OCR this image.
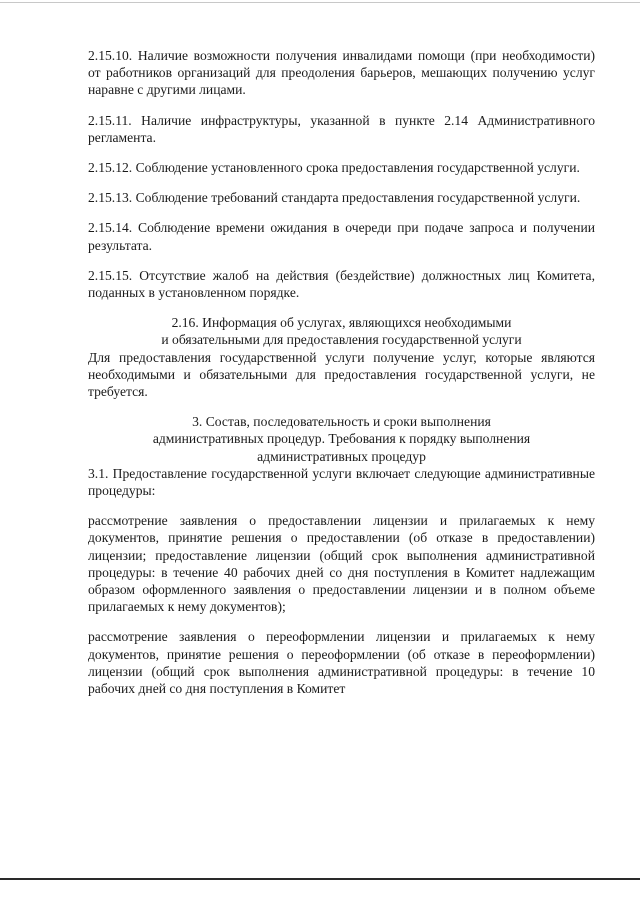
2.15.10. Наличие возможности получения инвалидами помощи (при необходимости) от работников организаций для преодоления барьеров, мешающих получению услуг наравне с другими лицами.

2.15.11. Наличие инфраструктуры, указанной в пункте 2.14 Административного регламента.

2.15.12. Соблюдение установленного срока предоставления государственной услуги.

2.15.13. Соблюдение требований стандарта предоставления государственной услуги.

2.15.14. Соблюдение времени ожидания в очереди при подаче запроса и получении результата.

2.15.15. Отсутствие жалоб на действия (бездействие) должностных лиц Комитета, поданных в установленном порядке.

2.16. Информация об услугах, являющихся необходимыми
и обязательными для предоставления государственной услуги

Для предоставления государственной услуги получение услуг, которые являются необходимыми и обязательными для предоставления государственной услуги, не требуется.

3. Состав, последовательность и сроки выполнения
административных процедур. Требования к порядку выполнения
административных процедур

3.1. Предоставление государственной услуги включает следующие административные процедуры:

рассмотрение заявления о предоставлении лицензии и прилагаемых к нему документов, принятие решения о предоставлении (об отказе в предоставлении) лицензии; предоставление лицензии (общий срок выполнения административной процедуры: в течение 40 рабочих дней со дня поступления в Комитет надлежащим образом оформленного заявления о предоставлении лицензии и в полном объеме прилагаемых к нему документов);

рассмотрение заявления о переоформлении лицензии и прилагаемых к нему документов, принятие решения о переоформлении (об отказе в переоформлении) лицензии (общий срок выполнения административной процедуры: в течение 10 рабочих дней со дня поступления в Комитет
